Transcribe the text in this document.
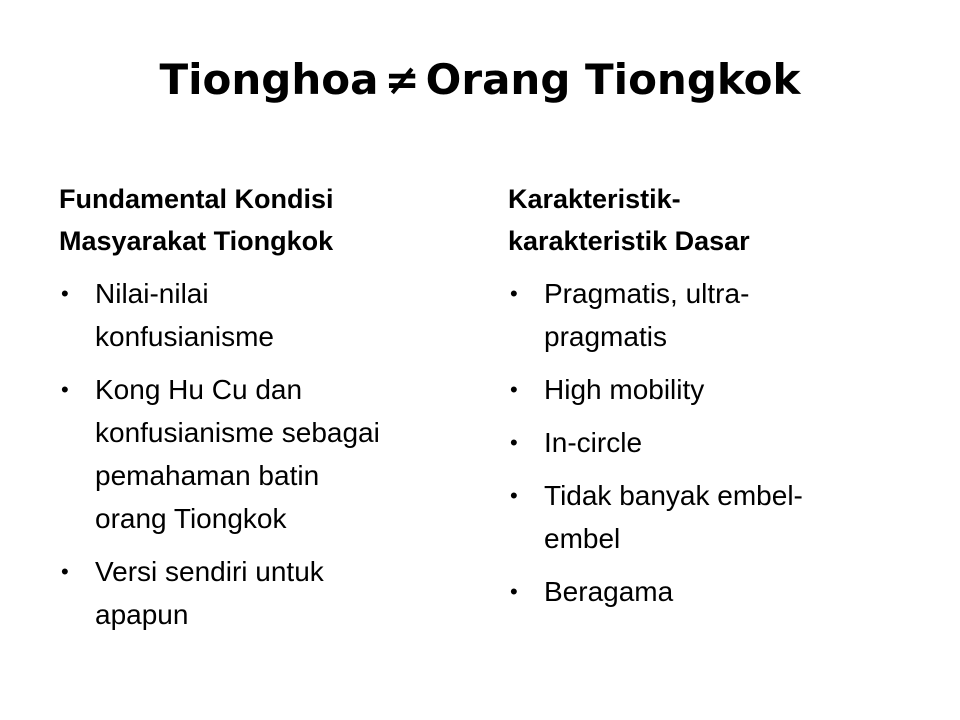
Tionghoa ≠ Orang Tiongkok
Fundamental Kondisi
Masyarakat Tiongkok
• Nilai-nilai
konfusianisme
• Kong Hu Cu dan
konfusianisme sebagai
pemahaman batin
orang Tiongkok
• Versi sendiri untuk
apapun
Karakteristik-
karakteristik Dasar
• Pragmatis, ultra-
pragmatis
• High mobility
• In-circle
• Tidak banyak embel-
embel
• Beragama
